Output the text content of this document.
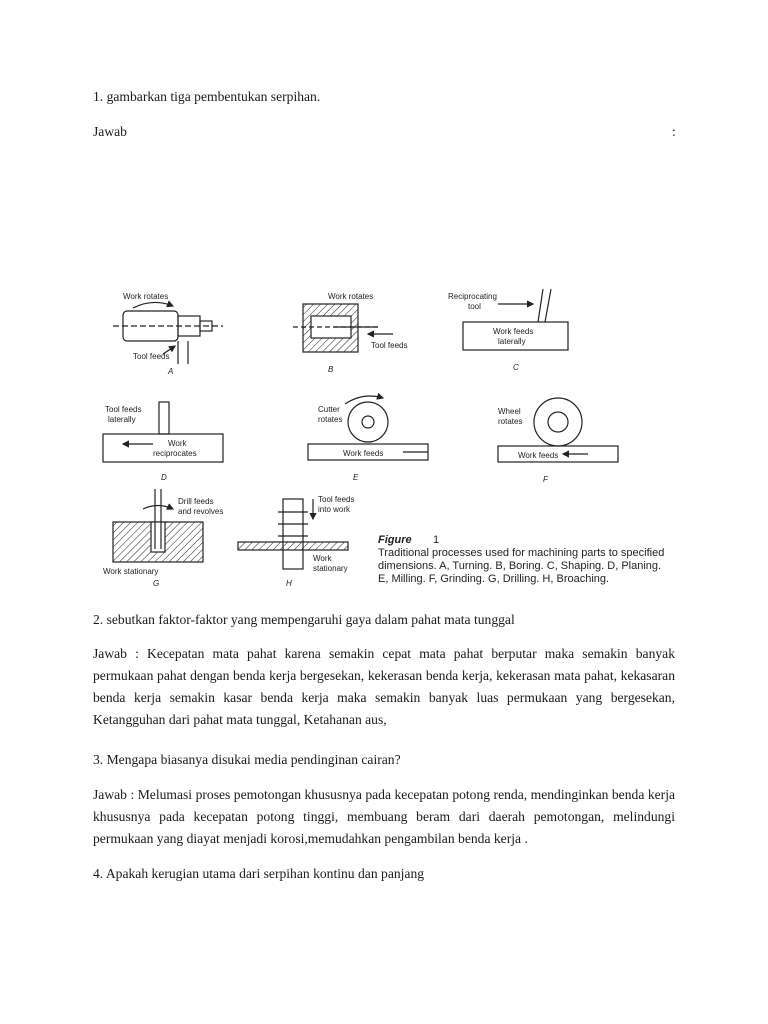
1. gambarkan tiga pembentukan serpihan.
Jawab	:
Work rotates
Tool feeds
A
Work rotates
Tool feeds
B
Reciprocating
tool
Work feeds
laterally
C
Tool feeds
laterally
Work
reciprocates
D
Cutter
rotates
Work feeds
E
Wheel
rotates
Work feeds
F
Drill feeds
and revolves
Work stationary
G
Tool feeds
into work
Work
stationary
H
Figure 1
Traditional processes used for machining parts to specified
dimensions. A, Turning. B, Boring. C, Shaping. D, Planing.
E, Milling. F, Grinding. G, Drilling. H, Broaching.
2. sebutkan faktor-faktor yang mempengaruhi gaya dalam pahat mata tunggal
Jawab : Kecepatan mata pahat karena semakin cepat mata pahat berputar maka semakin banyak permukaan pahat dengan benda kerja bergesekan, kekerasan benda kerja, kekerasan mata pahat, kekasaran benda kerja semakin kasar benda kerja maka semakin banyak luas permukaan yang bergesekan, Ketangguhan dari pahat mata tunggal, Ketahanan aus,
3. Mengapa biasanya disukai media pendinginan cairan?
Jawab : Melumasi proses pemotongan khususnya pada kecepatan potong renda, mendinginkan benda kerja khususnya pada kecepatan potong tinggi, membuang beram dari daerah pemotongan, melindungi permukaan yang diayat menjadi korosi,memudahkan pengambilan benda kerja .
4. Apakah kerugian utama dari serpihan kontinu dan panjang
